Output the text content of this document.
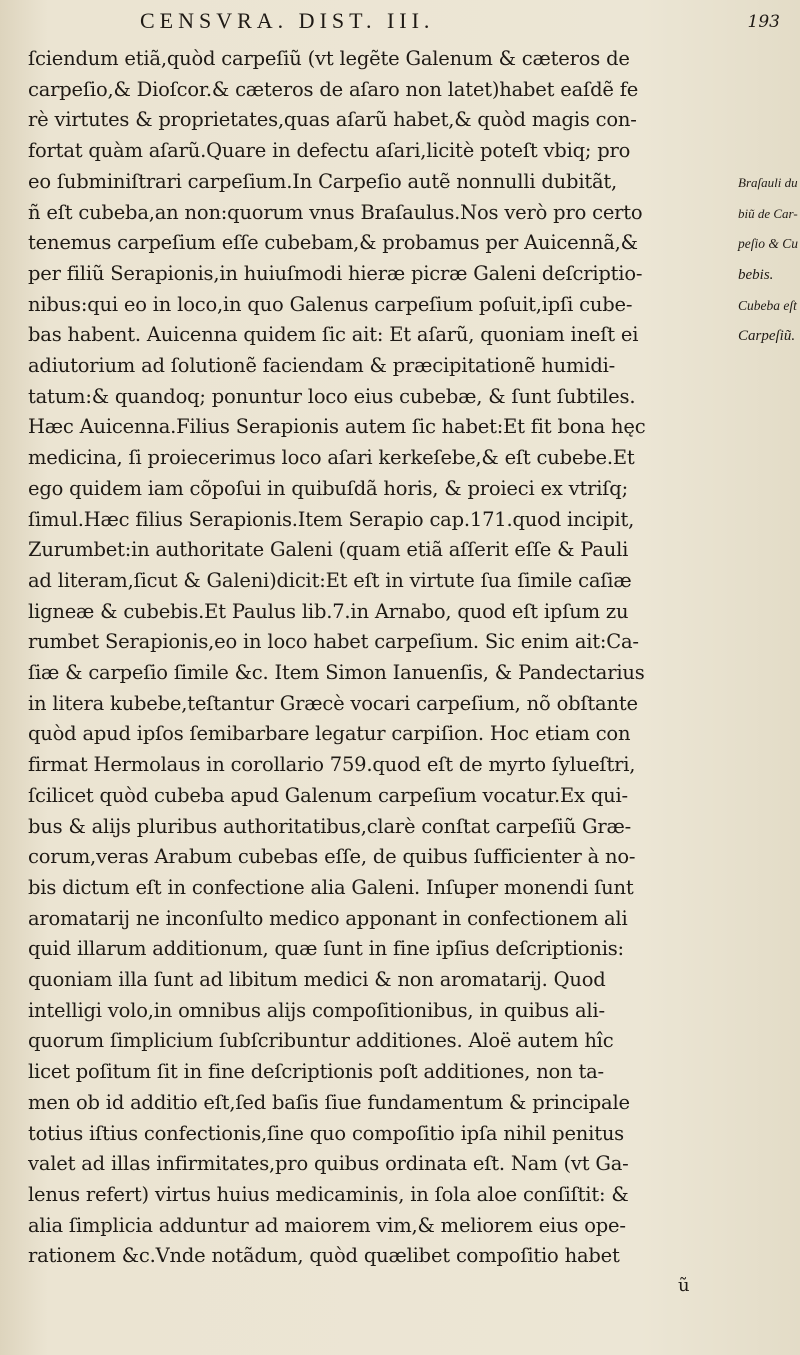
CENSVRA. DIST. III.	193
ſciendum etiã,quòd carpeſiũ (vt legẽte Galenum & cæteros de
carpeſio,& Dioſcor.& cæteros de aſaro non latet)habet eaſdẽ fe
rè virtutes & proprietates,quas aſarũ habet,& quòd magis con-
fortat quàm aſarũ.Quare in defectu aſari,licitè poteſt vbiq; pro
eo ſubminiſtrari carpeſium.In Carpeſio autẽ nonnulli dubitãt,
ñ eſt cubeba,an non:quorum vnus Braſaulus.Nos verò pro certo
tenemus carpeſium eſſe cubebam,& probamus per Auicennã,&
per filiũ Serapionis,in huiuſmodi hieræ picræ Galeni deſcriptio-
nibus:qui eo in loco,in quo Galenus carpeſium poſuit,ipſi cube-
bas habent. Auicenna quidem ſic ait: Et aſarũ, quoniam ineſt ei
adiutorium ad ſolutionẽ faciendam & præcipitationẽ humidi-
tatum:& quandoq; ponuntur loco eius cubebæ, & ſunt ſubtiles.
Hæc Auicenna.Filius Serapionis autem ſic habet:Et fit bona hęc
medicina, ſi proiecerimus loco aſari kerkeſebe,& eſt cubebe.Et
ego quidem iam cõpoſui in quibuſdã horis, & proieci ex vtriſq;
ſimul.Hæc filius Serapionis.Item Serapio cap.171.quod incipit,
Zurumbet:in authoritate Galeni (quam etiã aſſerit eſſe & Pauli
ad literam,ſicut & Galeni)dicit:Et eſt in virtute ſua ſimile caſiæ
ligneæ & cubebis.Et Paulus lib.7.in Arnabo, quod eſt ipſum zu
rumbet Serapionis,eo in loco habet carpeſium. Sic enim ait:Ca-
ſiæ & carpeſio ſimile &c. Item Simon Ianuenſis, & Pandectarius
in litera kubebe,teſtantur Græcè vocari carpeſium, nõ obſtante
quòd apud ipſos ſemibarbare legatur carpiſion. Hoc etiam con
firmat Hermolaus in corollario 759.quod eſt de myrto ſylueſtri,
ſcilicet quòd cubeba apud Galenum carpeſium vocatur.Ex qui-
bus & alijs pluribus authoritatibus,clarè conſtat carpeſiũ Græ-
corum,veras Arabum cubebas eſſe, de quibus ſufficienter à no-
bis dictum eſt in confectione alia Galeni. Inſuper monendi ſunt
aromatarij ne inconſulto medico apponant in confectionem ali
quid illarum additionum, quæ ſunt in fine ipſius deſcriptionis:
quoniam illa ſunt ad libitum medici & non aromatarij. Quod
intelligi volo,in omnibus alijs compoſitionibus, in quibus ali-
quorum ſimplicium ſubſcribuntur additiones. Aloë autem hîc
licet poſitum ſit in fine deſcriptionis poſt additiones, non ta-
men ob id additio eſt,ſed baſis ſiue fundamentum & principale
totius iſtius confectionis,ſine quo compoſitio ipſa nihil penitus
valet ad illas infirmitates,pro quibus ordinata eſt. Nam (vt Ga-
lenus refert) virtus huius medicaminis, in ſola aloe conſiſtit: &
alia ſimplicia adduntur ad maiorem vim,& meliorem eius ope-
rationem &c.Vnde notãdum, quòd quælibet compoſitio habet
Braſauli du
biũ de Car-
peſio & Cu
bebis.
Cubeba eſt
Carpeſiũ.
ũ
